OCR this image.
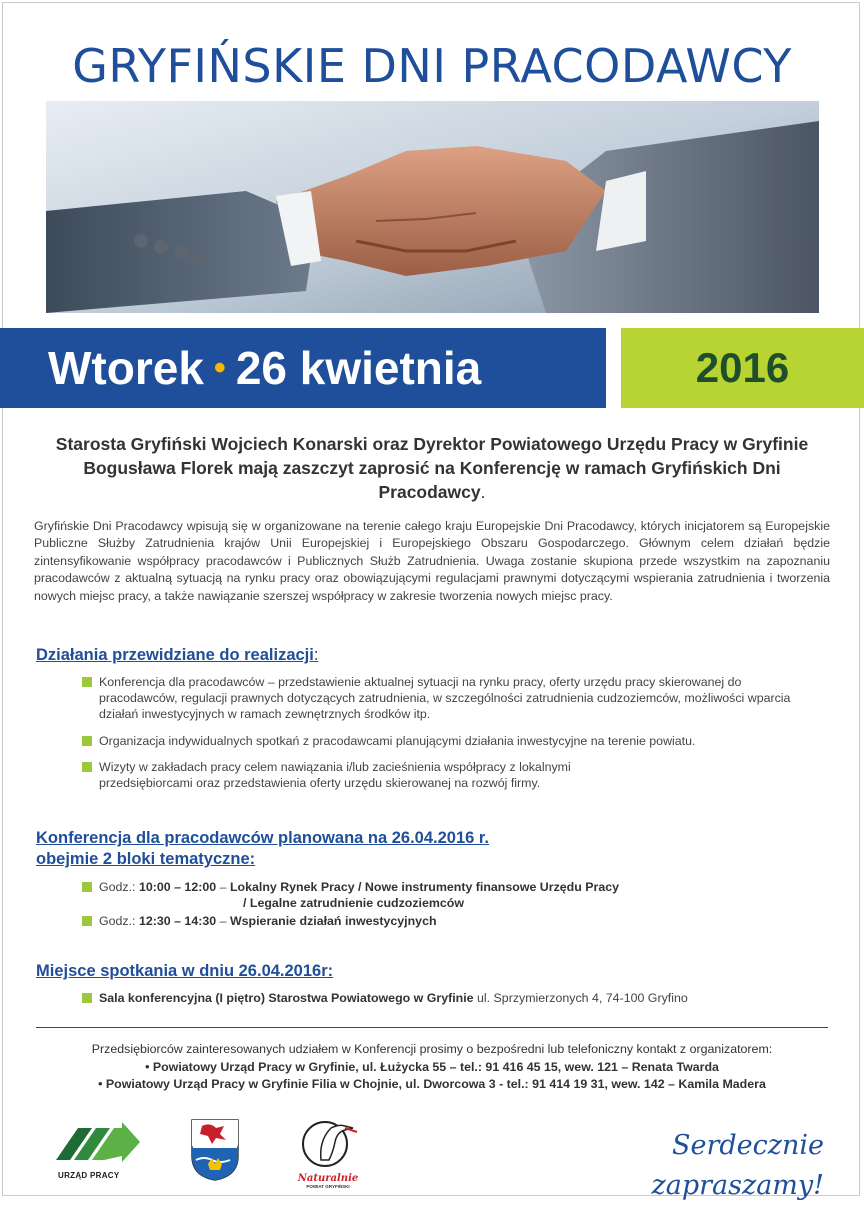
GRYFIŃSKIE DNI PRACODAWCY
Wtorek • 26 kwietnia	2016
Starosta Gryfiński Wojciech Konarski oraz Dyrektor Powiatowego Urzędu Pracy w Gryfinie Bogusława Florek mają zaszczyt zaprosić na Konferencję w ramach Gryfińskich Dni Pracodawcy.
Gryfińskie Dni Pracodawcy wpisują się w organizowane na terenie całego kraju Europejskie Dni Pracodawcy, których inicjatorem są Europejskie Publiczne Służby Zatrudnienia krajów Unii Europejskiej i Europejskiego Obszaru Gospodarczego. Głównym celem działań będzie zintensyfikowanie współpracy pracodawców i Publicznych Służb Zatrudnienia. Uwaga zostanie skupiona przede wszystkim na zapoznaniu pracodawców z aktualną sytuacją na rynku pracy oraz obowiązującymi regulacjami prawnymi dotyczącymi wspierania zatrudnienia i tworzenia nowych miejsc pracy, a także nawiązanie szerszej współpracy w zakresie tworzenia nowych miejsc pracy.
Działania przewidziane do realizacji:
Konferencja dla pracodawców – przedstawienie aktualnej sytuacji na rynku pracy, oferty urzędu pracy skierowanej do pracodawców, regulacji prawnych dotyczących zatrudnienia, w szczególności zatrudnienia cudzoziemców, możliwości wparcia działań inwestycyjnych w ramach zewnętrznych środków itp.
Organizacja indywidualnych spotkań z pracodawcami planującymi działania inwestycyjne na terenie powiatu.
Wizyty w zakładach pracy celem nawiązania i/lub zacieśnienia współpracy z lokalnymi przedsiębiorcami oraz przedstawienia oferty urzędu skierowanej na rozwój firmy.
Konferencja dla pracodawców planowana na 26.04.2016 r.
obejmie 2 bloki tematyczne:
Godz.: 10:00 – 12:00 – Lokalny Rynek Pracy / Nowe instrumenty finansowe Urzędu Pracy
/ Legalne zatrudnienie cudzoziemców
Godz.: 12:30 – 14:30 – Wspieranie działań inwestycyjnych
Miejsce spotkania w dniu 26.04.2016r:
Sala konferencyjna (I piętro) Starostwa Powiatowego w Gryfinie ul. Sprzymierzonych 4, 74-100 Gryfino
Przedsiębiorców zainteresowanych udziałem w Konferencji prosimy o bezpośredni lub telefoniczny kontakt z organizatorem:
• Powiatowy Urząd Pracy w Gryfinie, ul. Łużycka 55 – tel.: 91 416 45 15, wew. 121 – Renata Twarda
• Powiatowy Urząd Pracy w Gryfinie Filia w Chojnie, ul. Dworcowa 3 - tel.: 91 414 19 31, wew. 142 – Kamila Madera
URZĄD PRACY	Naturalnie
POWIAT GRYFIŃSKI
Serdecznie zapraszamy!
